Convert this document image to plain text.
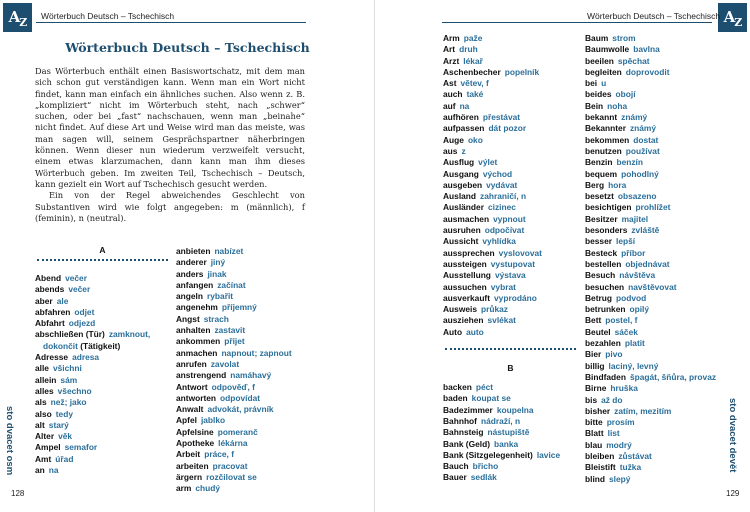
$A_Z$	Wörterbuch Deutsch – Tschechisch
Wörterbuch Deutsch – Tschechisch

Das Wörterbuch enthält einen Basiswortschatz, mit dem man sich schon gut verständigen kann. Wenn man ein Wort nicht findet, kann man einfach ein ähnliches suchen. Also wenn z. B. „kompliziert“ nicht im Wörterbuch steht, nach „schwer“ suchen, oder bei „fast“ nachschauen, wenn man „beinahe“ nicht findet. Auf diese Art und Weise wird man das meiste, was man sagen will, seinem Gesprächspartner näherbringen können. Wenn dieser nun wiederum verzweifelt versucht, einem etwas klarzumachen, dann kann man ihm dieses Wörterbuch geben. Im zweiten Teil, Tschechisch – Deutsch, kann gezielt ein Wort auf Tschechisch gesucht werden.

Ein von der Regel abweichendes Geschlecht von Substantiven wird wie folgt angegeben: m (männlich), f (feminin), n (neutral).

A
Abend večer
abends večer
aber ale
abfahren odjet
Abfahrt odjezd
abschließen (Tür) zamknout,
dokončit (Tätigkeit)
Adresse adresa
alle všichni
allein sám
alles všechno
als než; jako
also tedy
alt starý
Alter věk
Ampel semafor
Amt úřad
an na
anbieten nabízet
anderer jiný
anders jinak
anfangen začínat
angeln rybařit
angenehm příjemný
Angst strach
anhalten zastavit
ankommen přijet
anmachen napnout; zapnout
anrufen zavolat
anstrengend namáhavý
Antwort odpověď, f
antworten odpovídat
Anwalt advokát, právník
Apfel jablko
Apfelsine pomeranč
Apotheke lékárna
Arbeit práce, f
arbeiten pracovat
ärgern rozčilovat se
arm chudý
sto dvacet osm
128
$A_Z$
Wörterbuch Deutsch – Tschechisch
Arm paže
Art druh
Arzt lékař
Aschenbecher popelník
Ast větev, f
auch také
auf na
aufhören přestávat
aufpassen dát pozor
Auge oko
aus z
Ausflug výlet
Ausgang východ
ausgeben vydávat
Ausland zahraničí, n
Ausländer cizinec
ausmachen vypnout
ausruhen odpočívat
Aussicht vyhlídka
aussprechen vyslovovat
aussteigen vystupovat
Ausstellung výstava
aussuchen vybrat
ausverkauft vyprodáno
Ausweis průkaz
ausziehen svlékat
Auto auto
B
backen péct
baden koupat se
Badezimmer koupelna
Bahnhof nádraží, n
Bahnsteig nástupiště
Bank (Geld) banka
Bank (Sitzgelegenheit) lavice
Bauch břicho
Bauer sedlák
Baum strom
Baumwolle bavlna
beeilen spěchat
begleiten doprovodit
bei u
beides obojí
Bein noha
bekannt známý
Bekannter známý
bekommen dostat
benutzen používat
Benzin benzín
bequem pohodlný
Berg hora
besetzt obsazeno
besichtigen prohlížet
Besitzer majitel
besonders zvláště
besser lepší
Besteck příbor
bestellen objednávat
Besuch návštěva
besuchen navštěvovat
Betrug podvod
betrunken opilý
Bett postel, f
Beutel sáček
bezahlen platit
Bier pivo
billig laciný, levný
Bindfaden špagát, šňůra, provaz
Birne hruška
bis až do
bisher zatím, mezitím
bitte prosím
Blatt list
blau modrý
bleiben zůstávat
Bleistift tužka
blind slepý
sto dvacet devět
129
